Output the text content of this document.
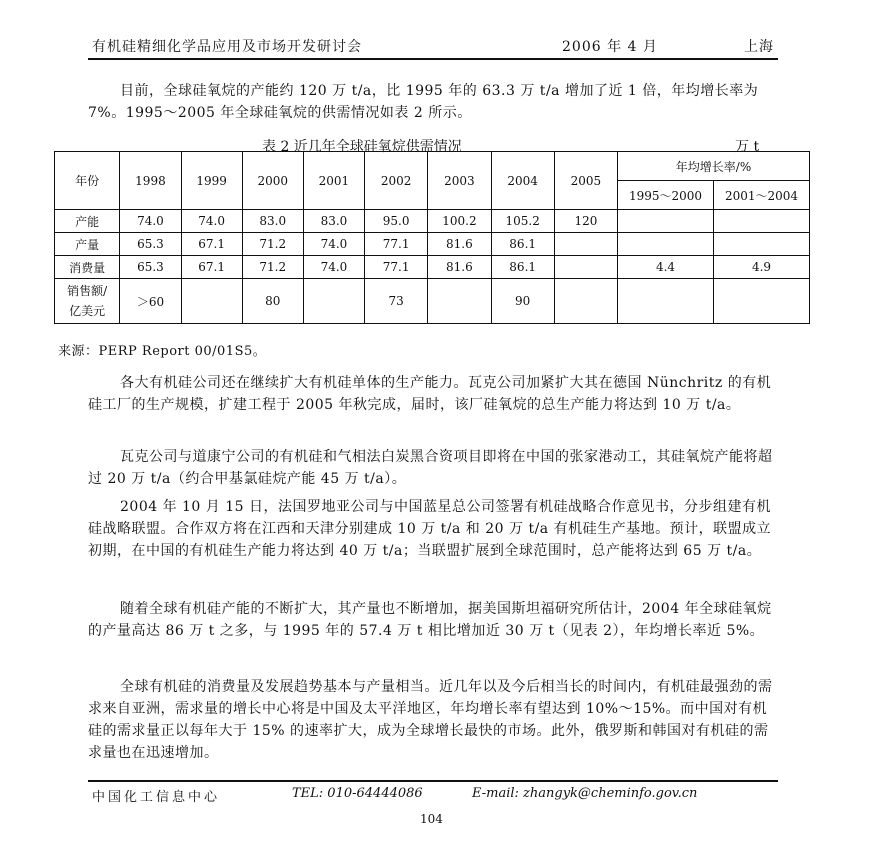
有机硅精细化学品应用及市场开发研讨会	2006 年 4 月	上海
目前，全球硅氧烷的产能约 120 万 t/a，比 1995 年的 63.3 万 t/a 增加了近 1 倍，年均增长率为 7%。1995～2005 年全球硅氧烷的供需情况如表 2 所示。
表 2 近几年全球硅氧烷供需情况	万 t
年份	1998	1999	2000	2001	2002	2003	2004	2005	年均增长率/%	
									1995～2000	2001～2004
产能	74.0	74.0	83.0	83.0	95.0	100.2	105.2	120		
产量	65.3	67.1	71.2	74.0	77.1	81.6	86.1			
消费量	65.3	67.1	71.2	74.0	77.1	81.6	86.1		4.4	4.9
销售额/
亿美元	＞60		80		73		90			
来源：PERP Report 00/01S5。
各大有机硅公司还在继续扩大有机硅单体的生产能力。瓦克公司加紧扩大其在德国 Nünchritz 的有机硅工厂的生产规模，扩建工程于 2005 年秋完成，届时，该厂硅氧烷的总生产能力将达到 10 万 t/a。
瓦克公司与道康宁公司的有机硅和气相法白炭黑合资项目即将在中国的张家港动工，其硅氧烷产能将超过 20 万 t/a（约合甲基氯硅烷产能 45 万 t/a）。
2004 年 10 月 15 日，法国罗地亚公司与中国蓝星总公司签署有机硅战略合作意见书，分步组建有机硅战略联盟。合作双方将在江西和天津分别建成 10 万 t/a 和 20 万 t/a 有机硅生产基地。预计，联盟成立初期，在中国的有机硅生产能力将达到 40 万 t/a；当联盟扩展到全球范围时，总产能将达到 65 万 t/a。
随着全球有机硅产能的不断扩大，其产量也不断增加，据美国斯坦福研究所估计，2004 年全球硅氧烷的产量高达 86 万 t 之多，与 1995 年的 57.4 万 t 相比增加近 30 万 t（见表 2），年均增长率近 5%。
全球有机硅的消费量及发展趋势基本与产量相当。近几年以及今后相当长的时间内，有机硅最强劲的需求来自亚洲，需求量的增长中心将是中国及太平洋地区，年均增长率有望达到 10%～15%。而中国对有机硅的需求量正以每年大于 15% 的速率扩大，成为全球增长最快的市场。此外，俄罗斯和韩国对有机硅的需求量也在迅速增加。
中国化工信息中心	TEL: 010-64444086	E-mail: zhangyk@cheminfo.gov.cn
104
